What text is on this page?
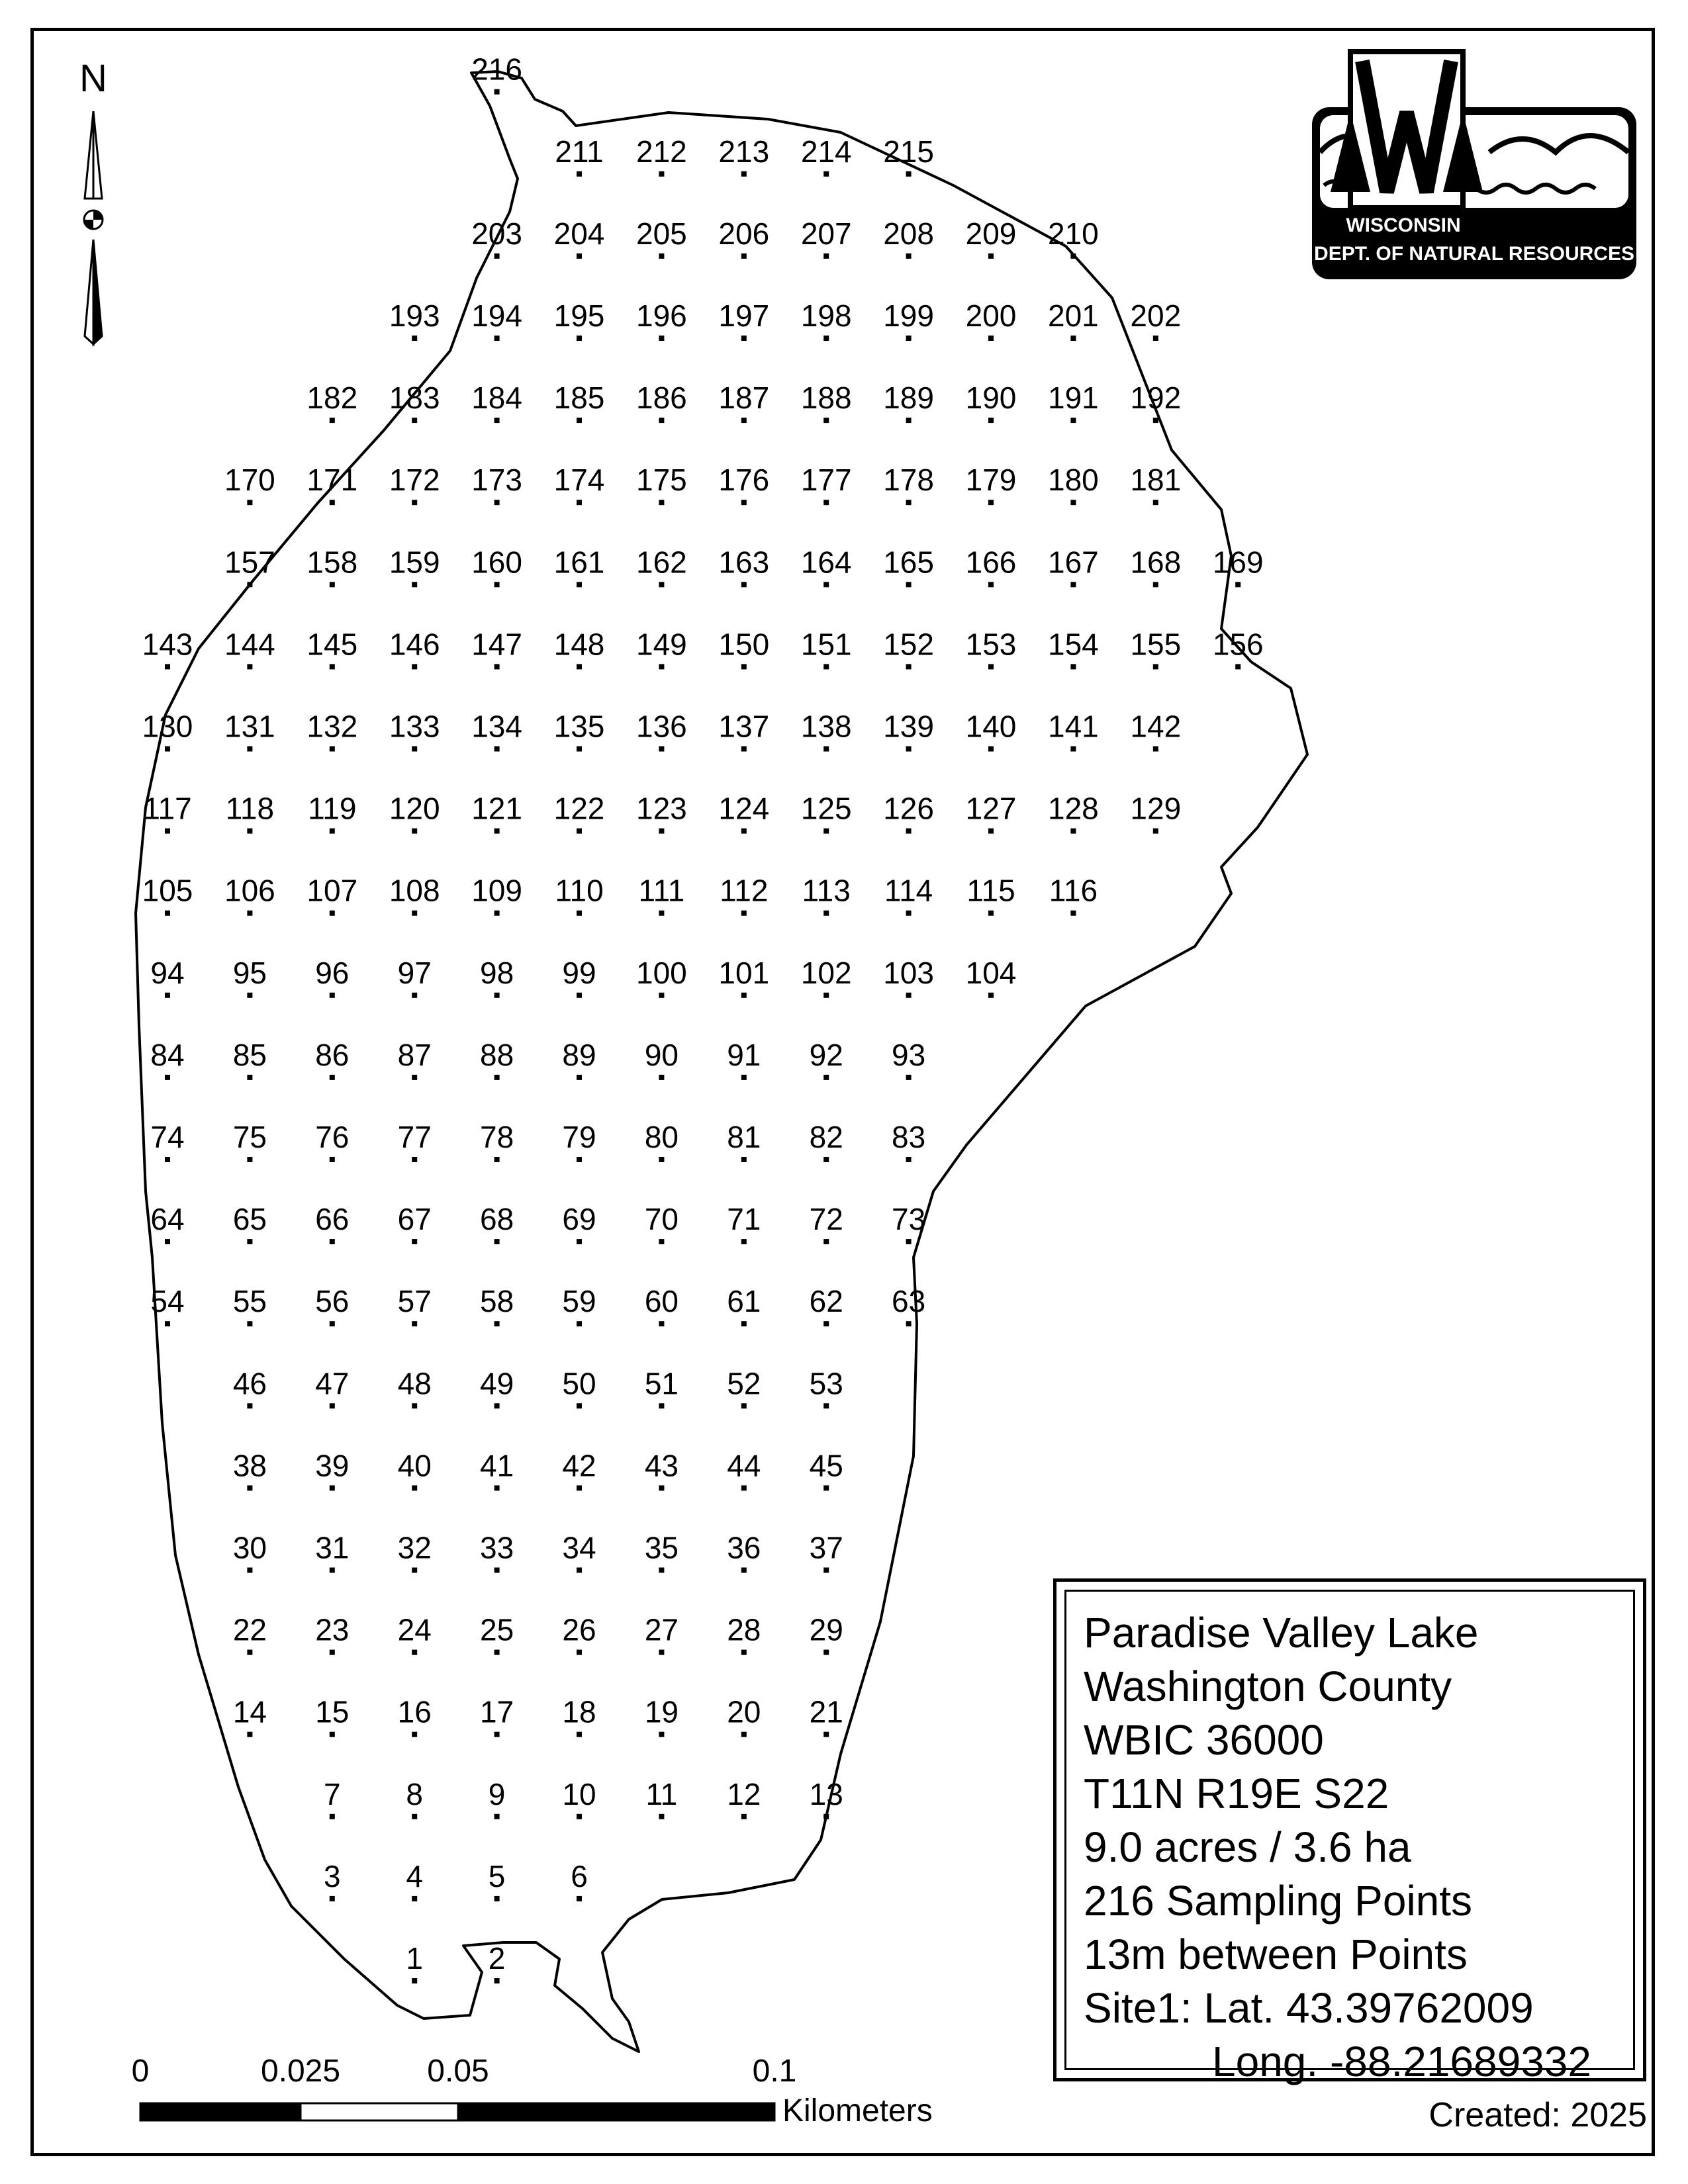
1 2
3 4 5 6
7 8 9 10 11 12 13
14 15 16 17 18 19 20 21
22 23 24 25 26 27 28 29
30 31 32 33 34 35 36 37
38 39 40 41 42 43 44 45
46 47 48 49 50 51 52 53
54 55 56 57 58 59 60 61 62 63
64 65 66 67 68 69 70 71 72 73
74 75 76 77 78 79 80 81 82 83
84 85 86 87 88 89 90 91 92 93
94 95 96 97 98 99 100 101 102 103 104
105 106 107 108 109 110 111 112 113 114 115 116
117 118 119 120 121 122 123 124 125 126 127 128 129
130 131 132 133 134 135 136 137 138 139 140 141 142
143 144 145 146 147 148 149 150 151 152 153 154 155 156
157 158 159 160 161 162 163 164 165 166 167 168 169
170 171 172 173 174 175 176 177 178 179 180 181
182 183 184 185 186 187 188 189 190 191 192
193 194 195 196 197 198 199 200 201 202
203 204 205 206 207 208 209 210
211 212 213 214 215
216
N
WISCONSIN
DEPT. OF NATURAL RESOURCES
0	0.025	0.05	0.1
Kilometers
Paradise Valley Lake
Washington County
WBIC 36000
T11N R19E S22
9.0 acres / 3.6 ha
216 Sampling Points
13m between Points
Site1: Lat. 43.39762009
Long. -88.21689332
Created: 2025
